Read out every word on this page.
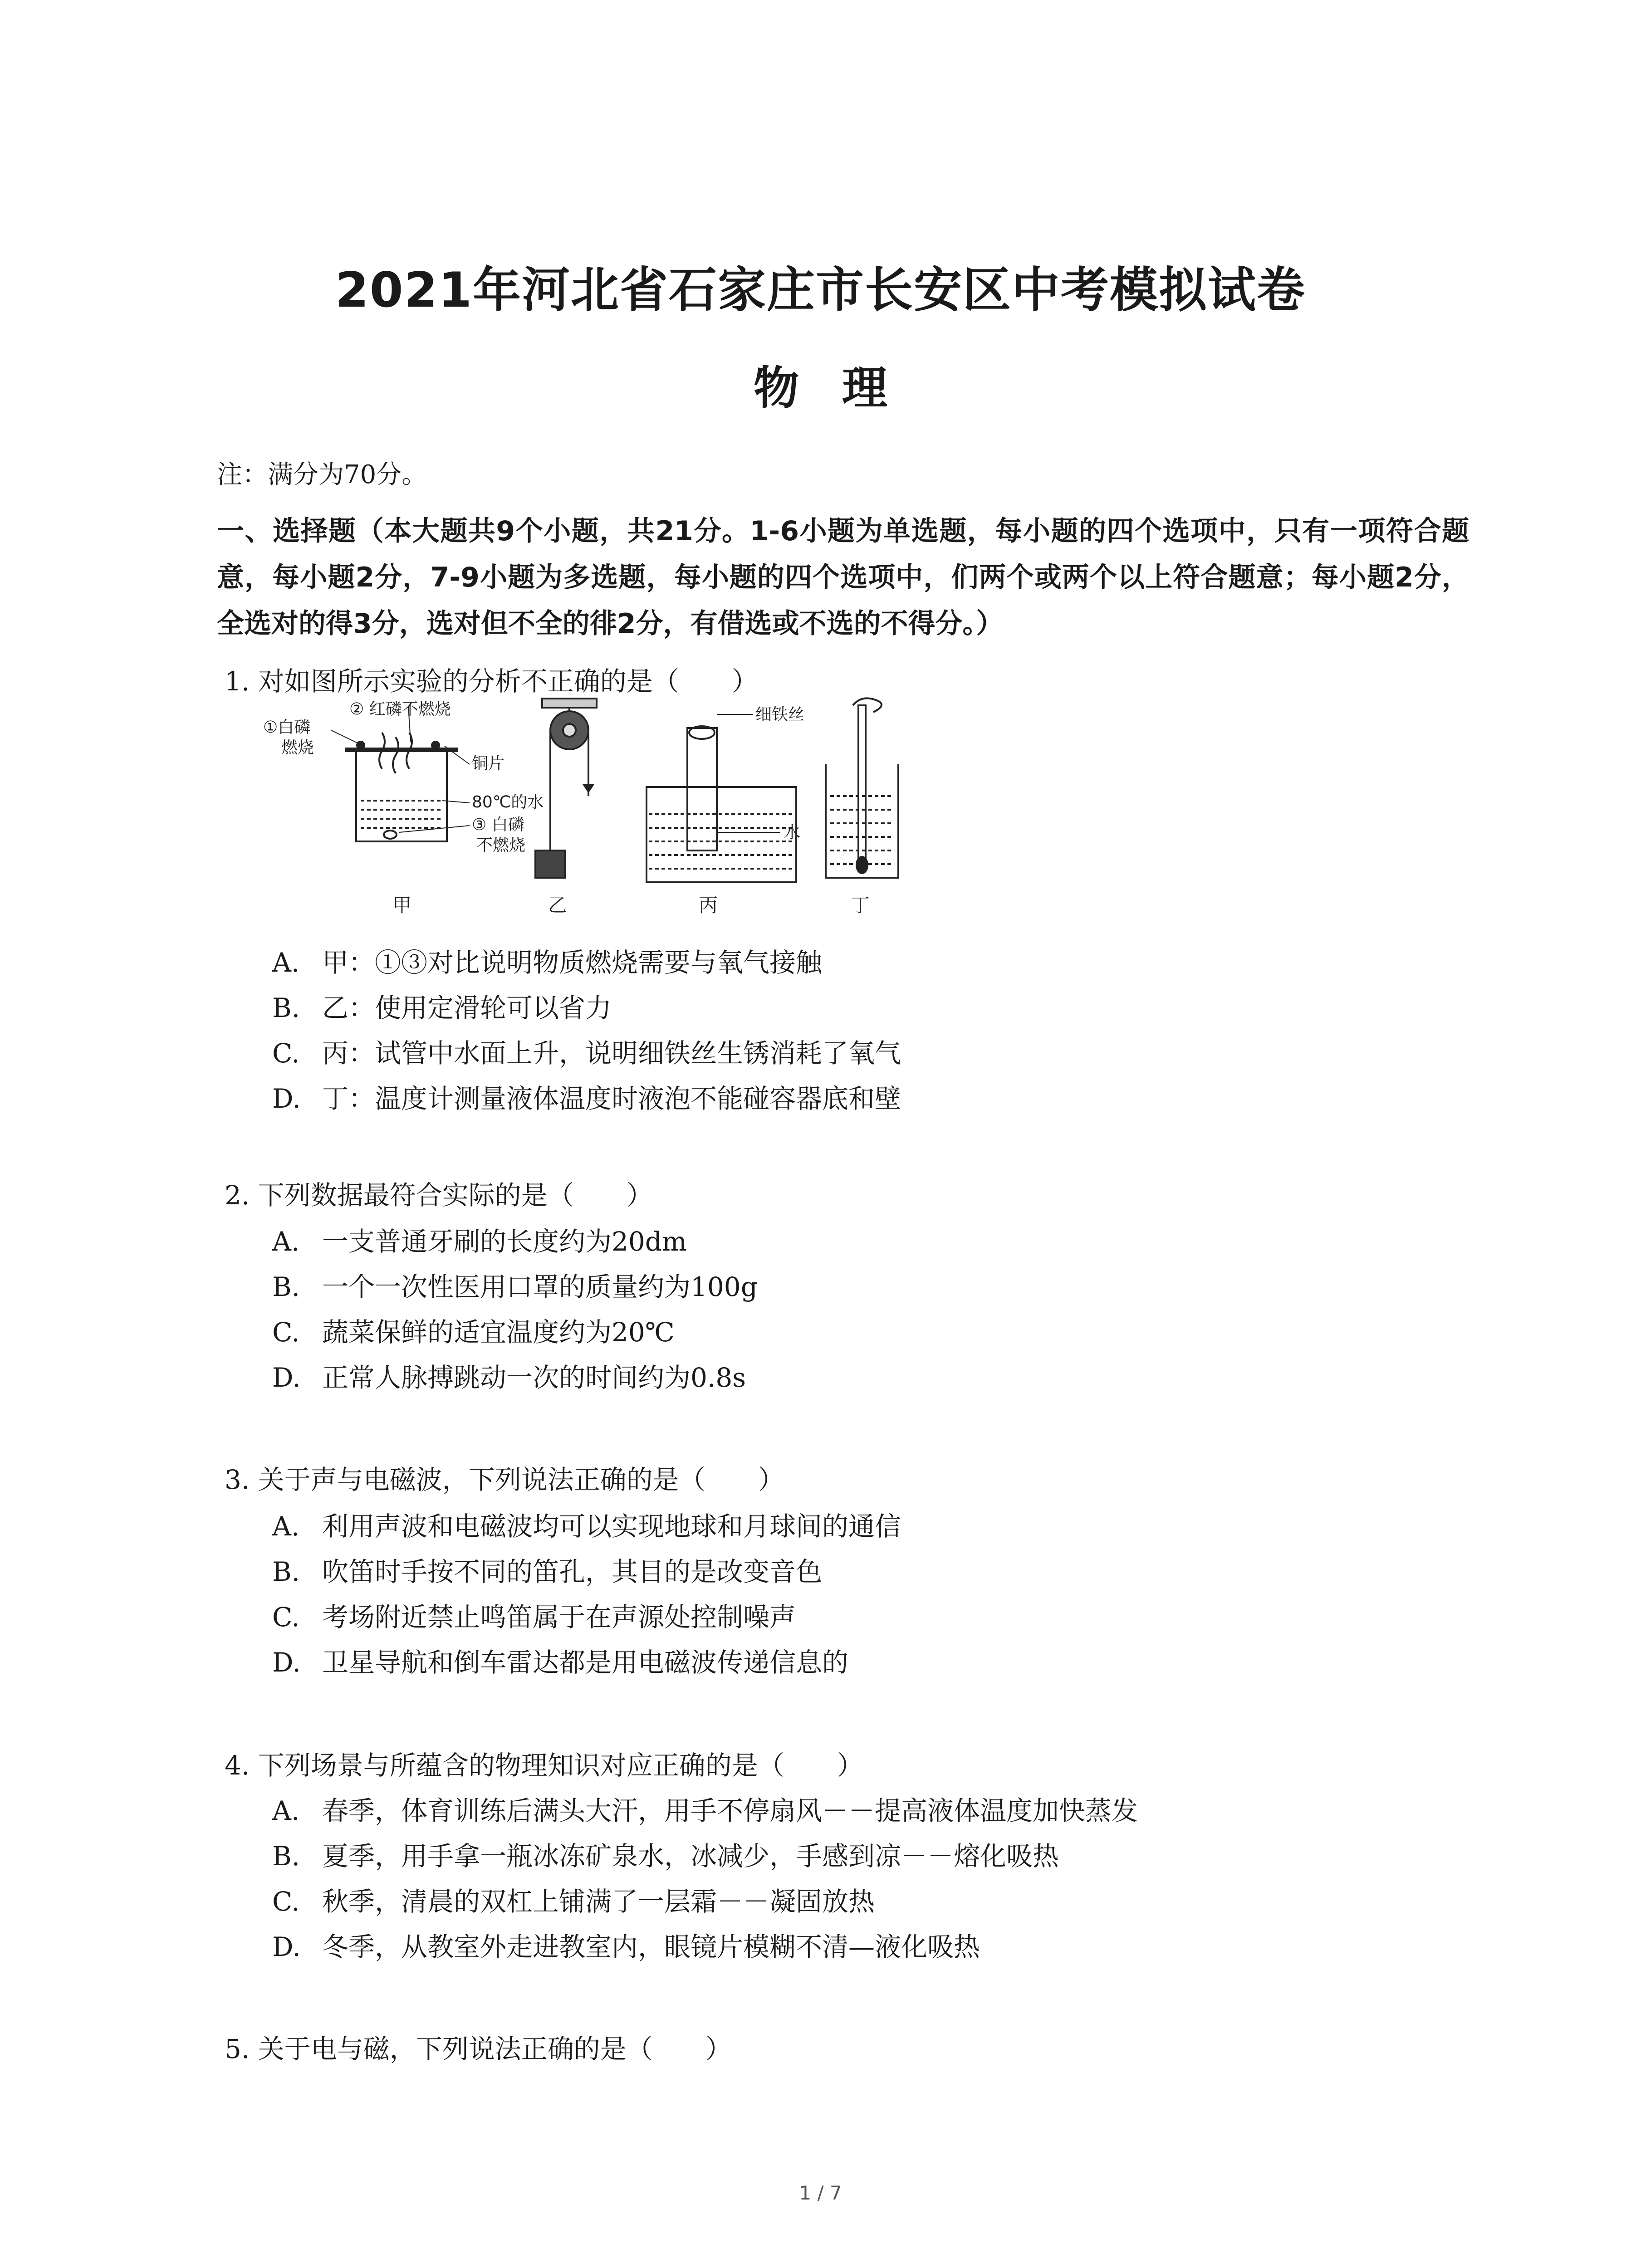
2021年河北省石家庄市长安区中考模拟试卷
物 理
注：满分为70分。
一、选择题（本大题共9个小题，共21分。1-6小题为单选题，每小题的四个选项中，只有一项符合题意，每小题2分，7-9小题为多选题，每小题的四个选项中，们两个或两个以上符合题意；每小题2分，全选对的得3分，选对但不全的徘2分，有借选或不选的不得分。）
1. 对如图所示实验的分析不正确的是（　　）
② 红磷不燃烧
①白磷
燃烧
铜片
80℃的水
③ 白磷
不燃烧
细铁丝
水
甲	乙	丙	丁
A. 甲：①③对比说明物质燃烧需要与氧气接触
B. 乙：使用定滑轮可以省力
C. 丙：试管中水面上升，说明细铁丝生锈消耗了氧气
D. 丁：温度计测量液体温度时液泡不能碰容器底和壁
2. 下列数据最符合实际的是（　　）
A. 一支普通牙刷的长度约为20dm
B. 一个一次性医用口罩的质量约为100g
C. 蔬菜保鲜的适宜温度约为20℃
D. 正常人脉搏跳动一次的时间约为0.8s
3. 关于声与电磁波，下列说法正确的是（　　）
A. 利用声波和电磁波均可以实现地球和月球间的通信
B. 吹笛时手按不同的笛孔，其目的是改变音色
C. 考场附近禁止鸣笛属于在声源处控制噪声
D. 卫星导航和倒车雷达都是用电磁波传递信息的
4. 下列场景与所蕴含的物理知识对应正确的是（　　）
A. 春季，体育训练后满头大汗，用手不停扇风－－提高液体温度加快蒸发
B. 夏季，用手拿一瓶冰冻矿泉水，冰减少，手感到凉－－熔化吸热
C. 秋季，清晨的双杠上铺满了一层霜－－凝固放热
D. 冬季，从教室外走进教室内，眼镜片模糊不清—液化吸热
5. 关于电与磁，下列说法正确的是（　　）
1 / 7
